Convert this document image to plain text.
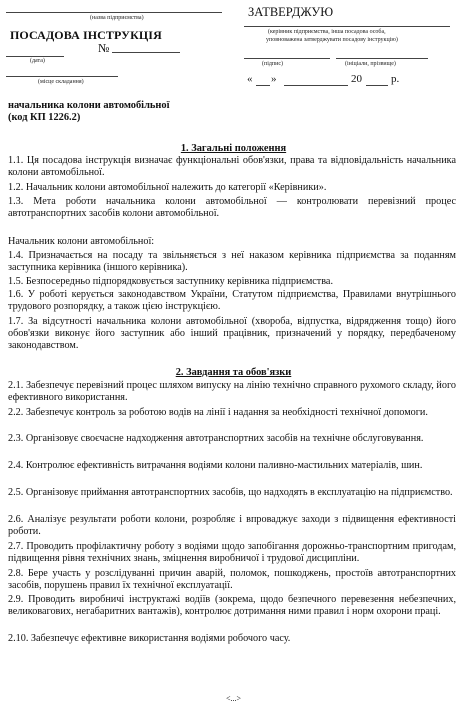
(назва підприємства)
ПОСАДОВА ІНСТРУКЦІЯ
№
(дата)
(місце складання)
ЗАТВЕРДЖУЮ
(керівник підприємства, інша посадова особа,
уповноважена затверджувати посадову інструкцію)
(підпис)	(ініціали, прізвище)
« »	20	р.
начальника колони автомобільної
(код КП 1226.2)
1. Загальні положення
1.1. Ця посадова інструкція визначає функціональні обов'язки, права та відповідальність начальника колони автомобільної.
1.2. Начальник колони автомобільної належить до категорії «Керівники».
1.3. Мета роботи начальника колони автомобільної — контролювати перевізний процес автотранспортних засобів колони автомобільної.
Начальник колони автомобільної:
1.4. Призначається на посаду та звільняється з неї наказом керівника підприємства за поданням заступника керівника (іншого керівника).
1.5. Безпосередньо підпорядковується заступнику керівника підприємства.
1.6. У роботі керується законодавством України, Статутом підприємства, Правилами внутрішнього трудового розпорядку, а також цією інструкцією.
1.7. За відсутності начальника колони автомобільної (хвороба, відпустка, відрядження тощо) його обов'язки виконує його заступник або інший працівник, призначений у порядку, передбаченому законодавством.
2. Завдання та обов'язки
2.1. Забезпечує перевізний процес шляхом випуску на лінію технічно справного рухомого складу, його ефективного використання.
2.2. Забезпечує контроль за роботою водів на лінії і надання за необхідності технічної допомоги.
2.3. Організовує своєчасне надходження автотранспортних засобів на технічне обслуговування.
2.4. Контролює ефективність витрачання водіями колони паливно-мастильних матеріалів, шин.
2.5. Організовує приймання автотранспортних засобів, що надходять в експлуатацію на підприємство.
2.6. Аналізує результати роботи колони, розробляє і впроваджує заходи з підвищення ефективності роботи.
2.7. Проводить профілактичну роботу з водіями щодо запобігання дорожньо-транспортним пригодам, підвищення рівня технічних знань, зміцнення виробничої і трудової дисципліни.
2.8. Бере участь у розслідуванні причин аварій, поломок, пошкоджень, простоїв автотранспортних засобів, порушень правил їх технічної експлуатації.
2.9. Проводить виробничі інструктажі водіїв (зокрема, щодо безпечного перевезення небезпечних, великовагових, негабаритних вантажів), контролює дотримання ними правил і норм охорони праці.
2.10. Забезпечує ефективне використання водіями робочого часу.
<...>
